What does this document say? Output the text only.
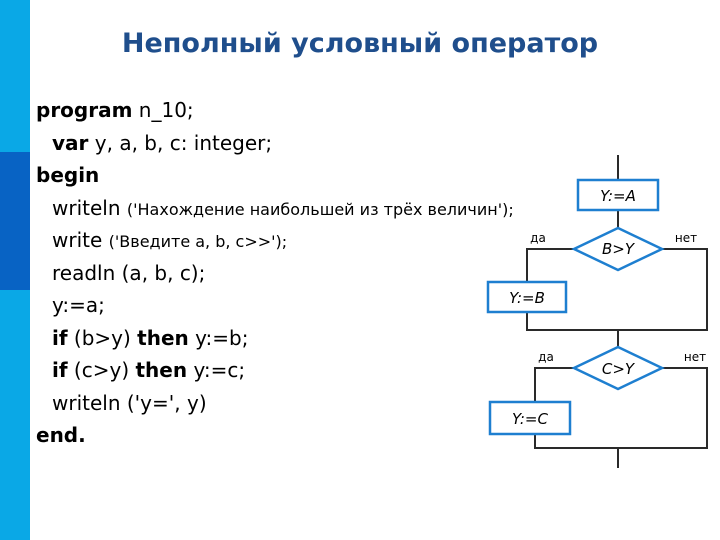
Неполный условный оператор
program n_10;
var y, a, b, c: integer;
begin
writeln ('Нахождение наибольшей из трёх величин');
write ('Введите a, b, c>>');
readln (a, b, c);
y:=a;
if (b>y) then y:=b;
if (c>y) then y:=c;
writeln ('y=', y)
end.
Y:=A
B>Y
да	нет
Y:=B
C>Y
да	нет
Y:=C
